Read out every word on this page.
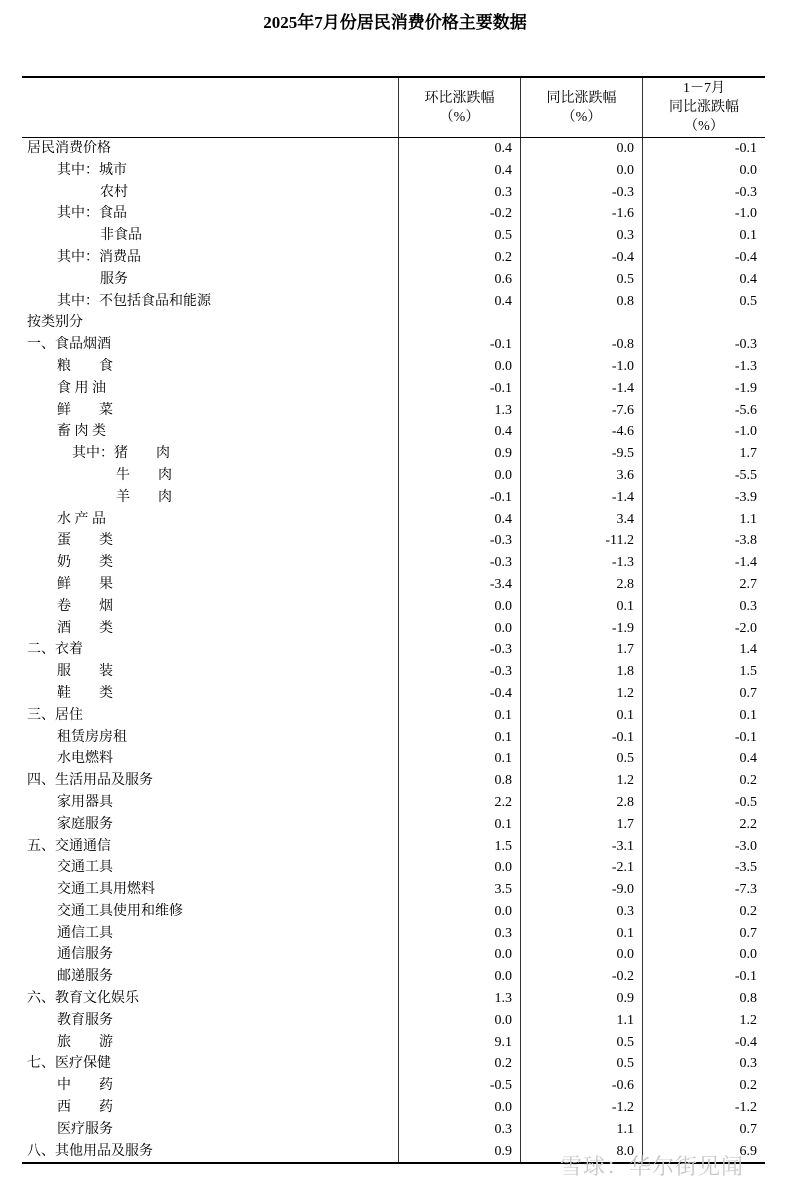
2025年7月份居民消费价格主要数据
环比涨跌幅
（%）
同比涨跌幅
（%）
1－7月
同比涨跌幅
（%）
居民消费价格	0.4	0.0	-0.1
其中：城市	0.4	0.0	0.0
农村	0.3	-0.3	-0.3
其中：食品	-0.2	-1.6	-1.0
非食品	0.5	0.3	0.1
其中：消费品	0.2	-0.4	-0.4
服务	0.6	0.5	0.4
其中：不包括食品和能源	0.4	0.8	0.5
按类别分
一、食品烟酒	-0.1	-0.8	-0.3
粮　　食	0.0	-1.0	-1.3
食 用 油	-0.1	-1.4	-1.9
鲜　　菜	1.3	-7.6	-5.6
畜 肉 类	0.4	-4.6	-1.0
其中：猪　　肉	0.9	-9.5	1.7
牛　　肉	0.0	3.6	-5.5
羊　　肉	-0.1	-1.4	-3.9
水 产 品	0.4	3.4	1.1
蛋　　类	-0.3	-11.2	-3.8
奶　　类	-0.3	-1.3	-1.4
鲜　　果	-3.4	2.8	2.7
卷　　烟	0.0	0.1	0.3
酒　　类	0.0	-1.9	-2.0
二、衣着	-0.3	1.7	1.4
服　　装	-0.3	1.8	1.5
鞋　　类	-0.4	1.2	0.7
三、居住	0.1	0.1	0.1
租赁房房租	0.1	-0.1	-0.1
水电燃料	0.1	0.5	0.4
四、生活用品及服务	0.8	1.2	0.2
家用器具	2.2	2.8	-0.5
家庭服务	0.1	1.7	2.2
五、交通通信	1.5	-3.1	-3.0
交通工具	0.0	-2.1	-3.5
交通工具用燃料	3.5	-9.0	-7.3
交通工具使用和维修	0.0	0.3	0.2
通信工具	0.3	0.1	0.7
通信服务	0.0	0.0	0.0
邮递服务	0.0	-0.2	-0.1
六、教育文化娱乐	1.3	0.9	0.8
教育服务	0.0	1.1	1.2
旅　　游	9.1	0.5	-0.4
七、医疗保健	0.2	0.5	0.3
中　　药	-0.5	-0.6	0.2
西　　药	0.0	-1.2	-1.2
医疗服务	0.3	1.1	0.7
八、其他用品及服务	0.9	8.0	6.9
雪球：华尔街见闻
